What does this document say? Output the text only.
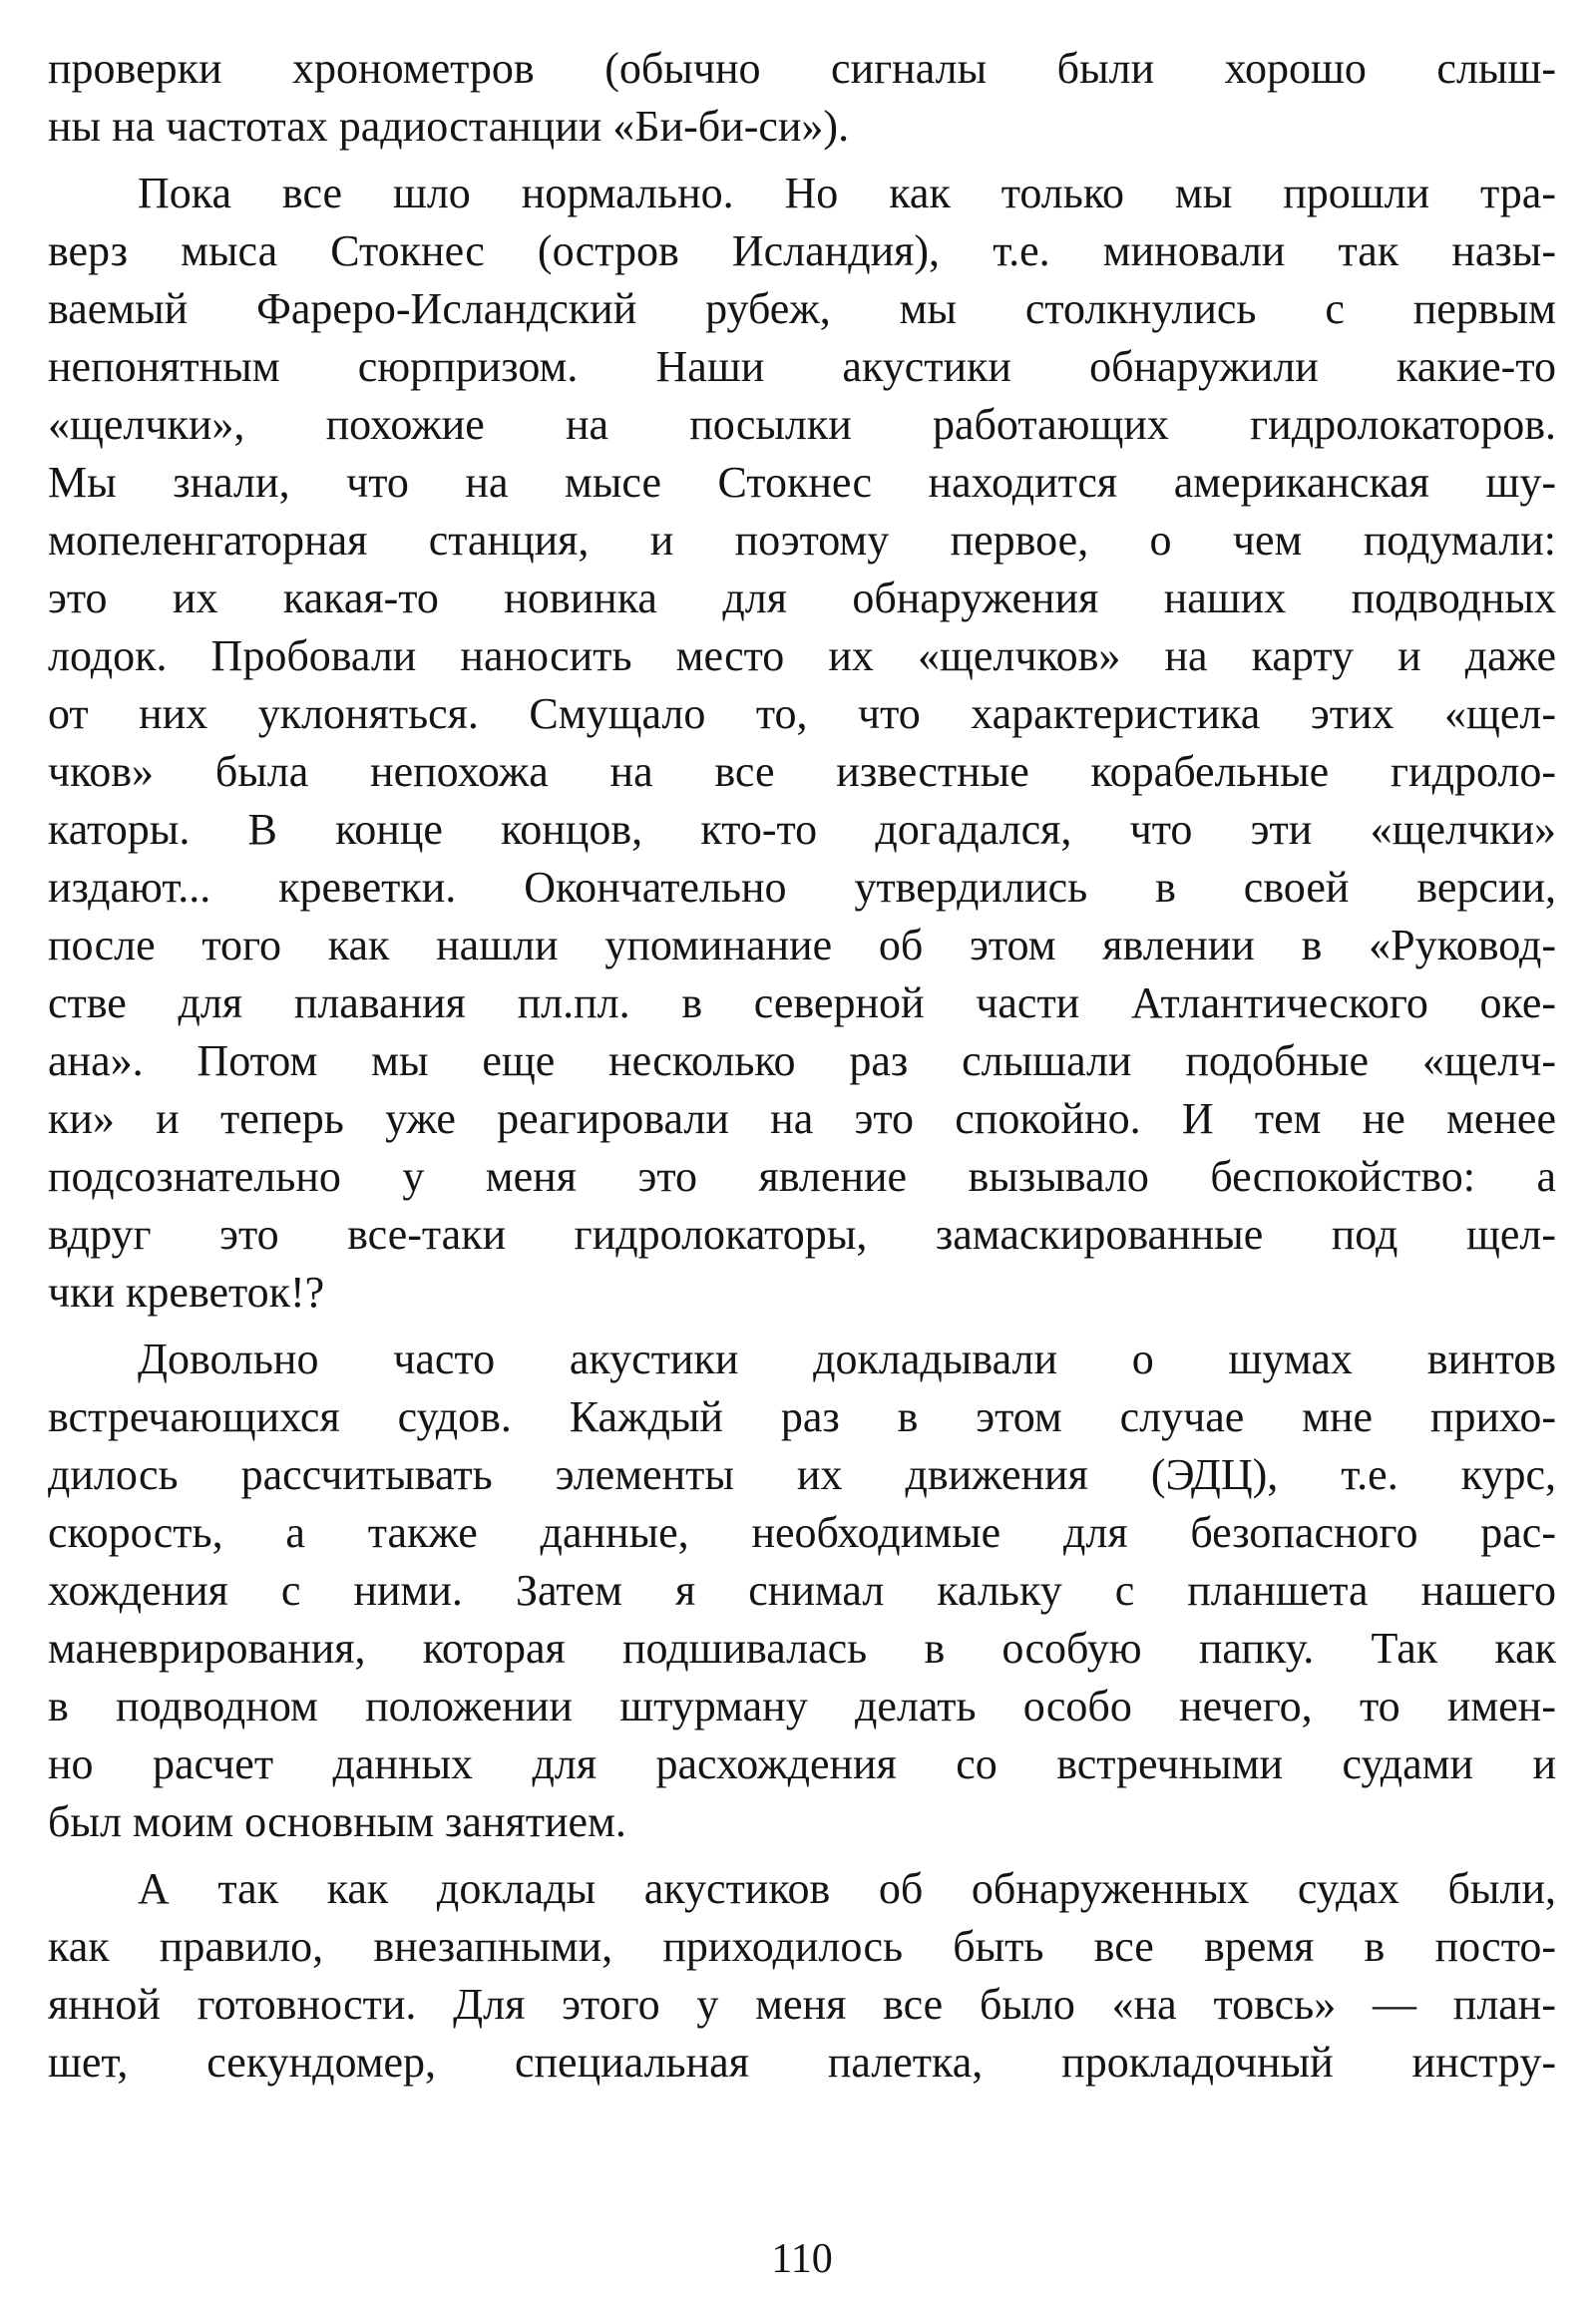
проверки хронометров (обычно сигналы были хорошо слыш-
ны на частотах радиостанции «Би-би-си»).
Пока все шло нормально. Но как только мы прошли тра-
верз мыса Стокнес (остров Исландия), т.е. миновали так назы-
ваемый Фареро-Исландский рубеж, мы столкнулись с первым
непонятным сюрпризом. Наши акустики обнаружили какие-то
«щелчки», похожие на посылки работающих гидролокаторов.
Мы знали, что на мысе Стокнес находится американская шу-
мопеленгаторная станция, и поэтому первое, о чем подумали:
это их какая-то новинка для обнаружения наших подводных
лодок. Пробовали наносить место их «щелчков» на карту и даже
от них уклоняться. Смущало то, что характеристика этих «щел-
чков» была непохожа на все известные корабельные гидроло-
каторы. В конце концов, кто-то догадался, что эти «щелчки»
издают... креветки. Окончательно утвердились в своей версии,
после того как нашли упоминание об этом явлении в «Руковод-
стве для плавания пл.пл. в северной части Атлантического оке-
ана». Потом мы еще несколько раз слышали подобные «щелч-
ки» и теперь уже реагировали на это спокойно. И тем не менее
подсознательно у меня это явление вызывало беспокойство: а
вдруг это все-таки гидролокаторы, замаскированные под щел-
чки креветок!?
Довольно часто акустики докладывали о шумах винтов
встречающихся судов. Каждый раз в этом случае мне прихо-
дилось рассчитывать элементы их движения (ЭДЦ), т.е. курс,
скорость, а также данные, необходимые для безопасного рас-
хождения с ними. Затем я снимал кальку с планшета нашего
маневрирования, которая подшивалась в особую папку. Так как
в подводном положении штурману делать особо нечего, то имен-
но расчет данных для расхождения со встречными судами и
был моим основным занятием.
А так как доклады акустиков об обнаруженных судах были,
как правило, внезапными, приходилось быть все время в посто-
янной готовности. Для этого у меня все было «на товсь» — план-
шет, секундомер, специальная палетка, прокладочный инстру-
110
